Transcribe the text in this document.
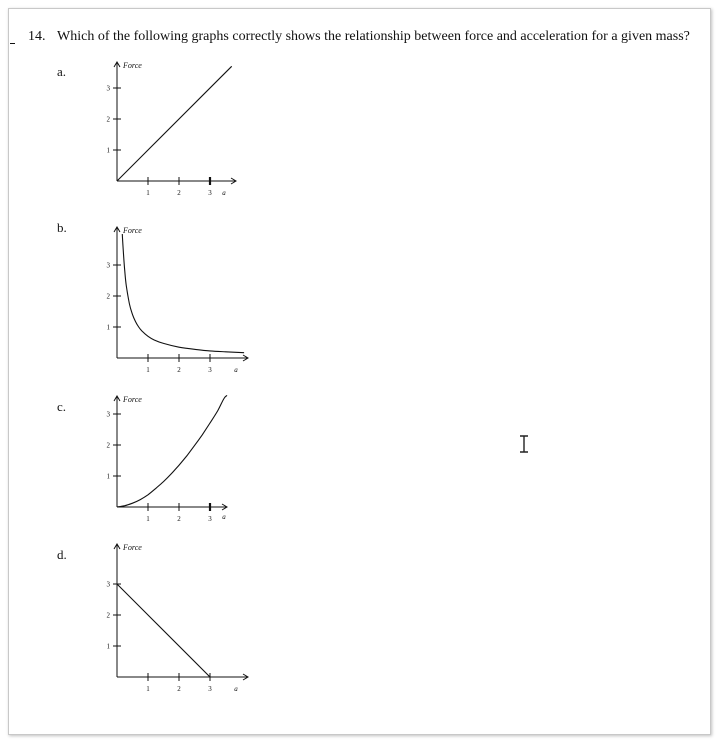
14. Which of the following graphs correctly shows the relationship between force and acceleration for a given mass?
a.
b.
c.
d.
Force
1	2	3 a
1
2
3
Force
1	2	3	a
1
2
3
Force
1	2	3 a
1
2
3
Force
1	2	3	a
1
2
3
